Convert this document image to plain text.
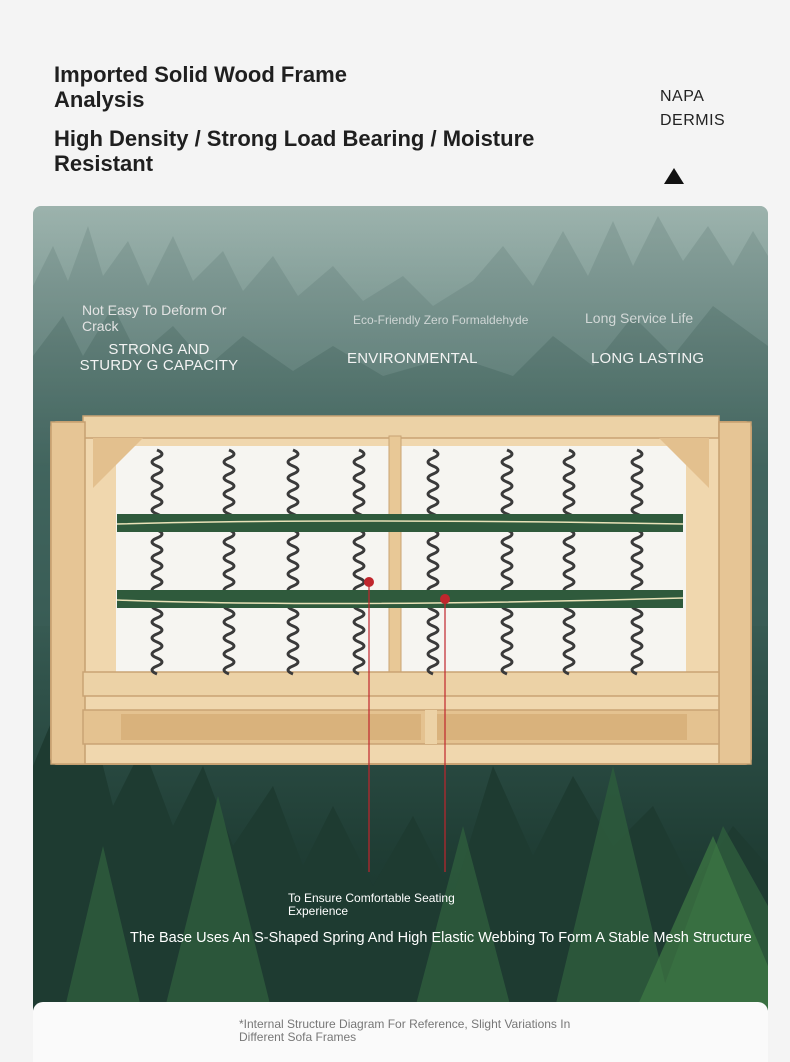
Imported Solid Wood Frame Analysis
High Density / Strong Load Bearing / Moisture Resistant
NAPA
DERMIS
Not Easy To Deform Or Crack
STRONG AND STURDY G CAPACITY
Eco-Friendly Zero Formaldehyde
ENVIRONMENTAL
Long Service Life
LONG LASTING
To Ensure Comfortable Seating Experience
The Base Uses An S-Shaped Spring And High Elastic Webbing To Form A Stable Mesh Structure
*Internal Structure Diagram For Reference, Slight Variations In Different Sofa Frames
